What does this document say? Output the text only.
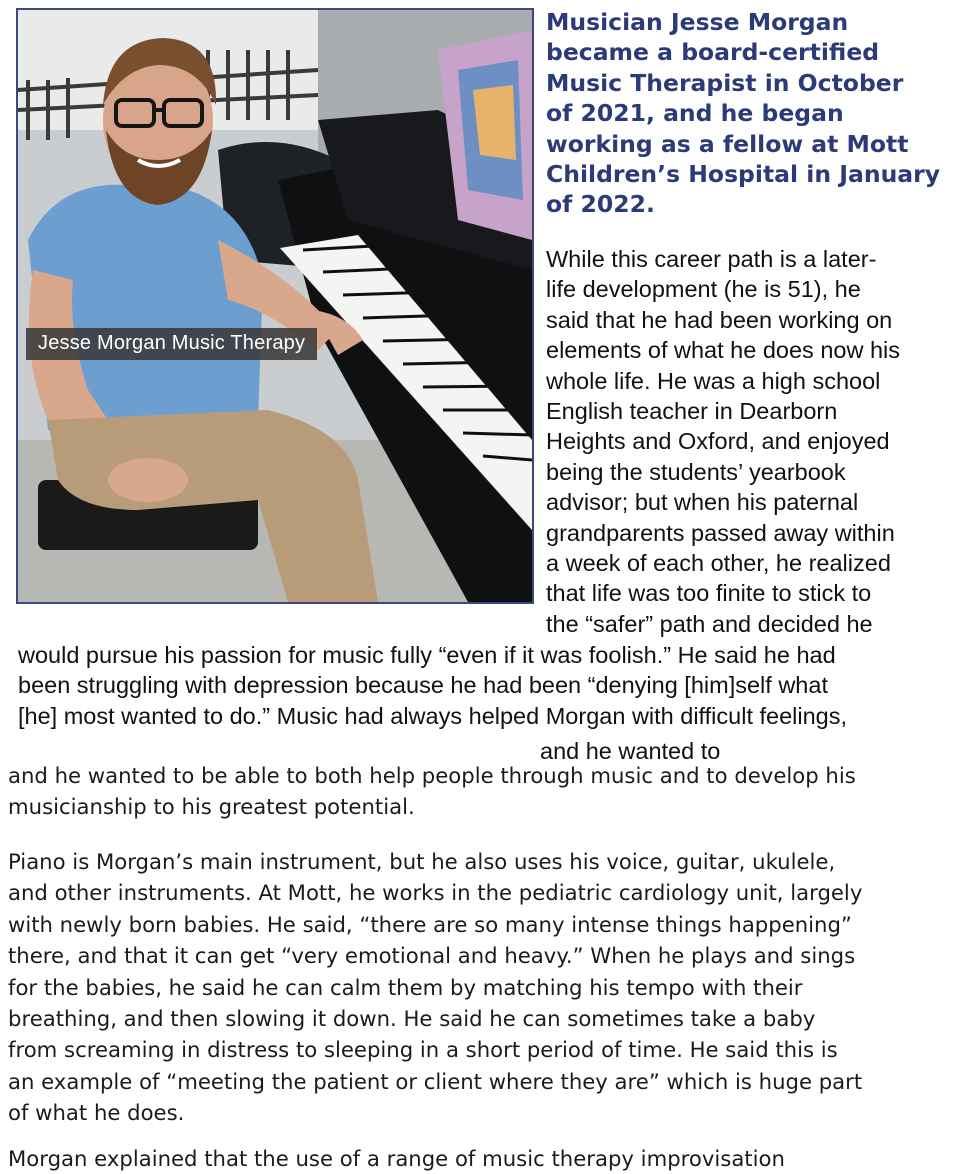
Jesse Morgan Music Therapy
Musician Jesse Morgan
became a board-certified
Music Therapist in October
of 2021, and he began
working as a fellow at Mott
Children’s Hospital in January
of 2022.

While this career path is a later-
life development (he is 51), he
said that he had been working on
elements of what he does now his
whole life. He was a high school
English teacher in Dearborn
Heights and Oxford, and enjoyed
being the students’ yearbook
advisor; but when his paternal
grandparents passed away within
a week of each other, he realized
that life was too finite to stick to
the “safer” path and decided he

would pursue his passion for music fully “even if it was foolish.” He said he had
been struggling with depression because he had been “denying [him]self what
[he] most wanted to do.” Music had always helped Morgan with difficult feelings,

and he wanted to

and he wanted to be able to both help people through music and to develop his
musicianship to his greatest potential.

Piano is Morgan’s main instrument, but he also uses his voice, guitar, ukulele,
and other instruments. At Mott, he works in the pediatric cardiology unit, largely
with newly born babies. He said, “there are so many intense things happening”
there, and that it can get “very emotional and heavy.” When he plays and sings
for the babies, he said he can calm them by matching his tempo with their
breathing, and then slowing it down. He said he can sometimes take a baby
from screaming in distress to sleeping in a short period of time. He said this is
an example of “meeting the patient or client where they are” which is huge part
of what he does.

Morgan explained that the use of a range of music therapy improvisation
